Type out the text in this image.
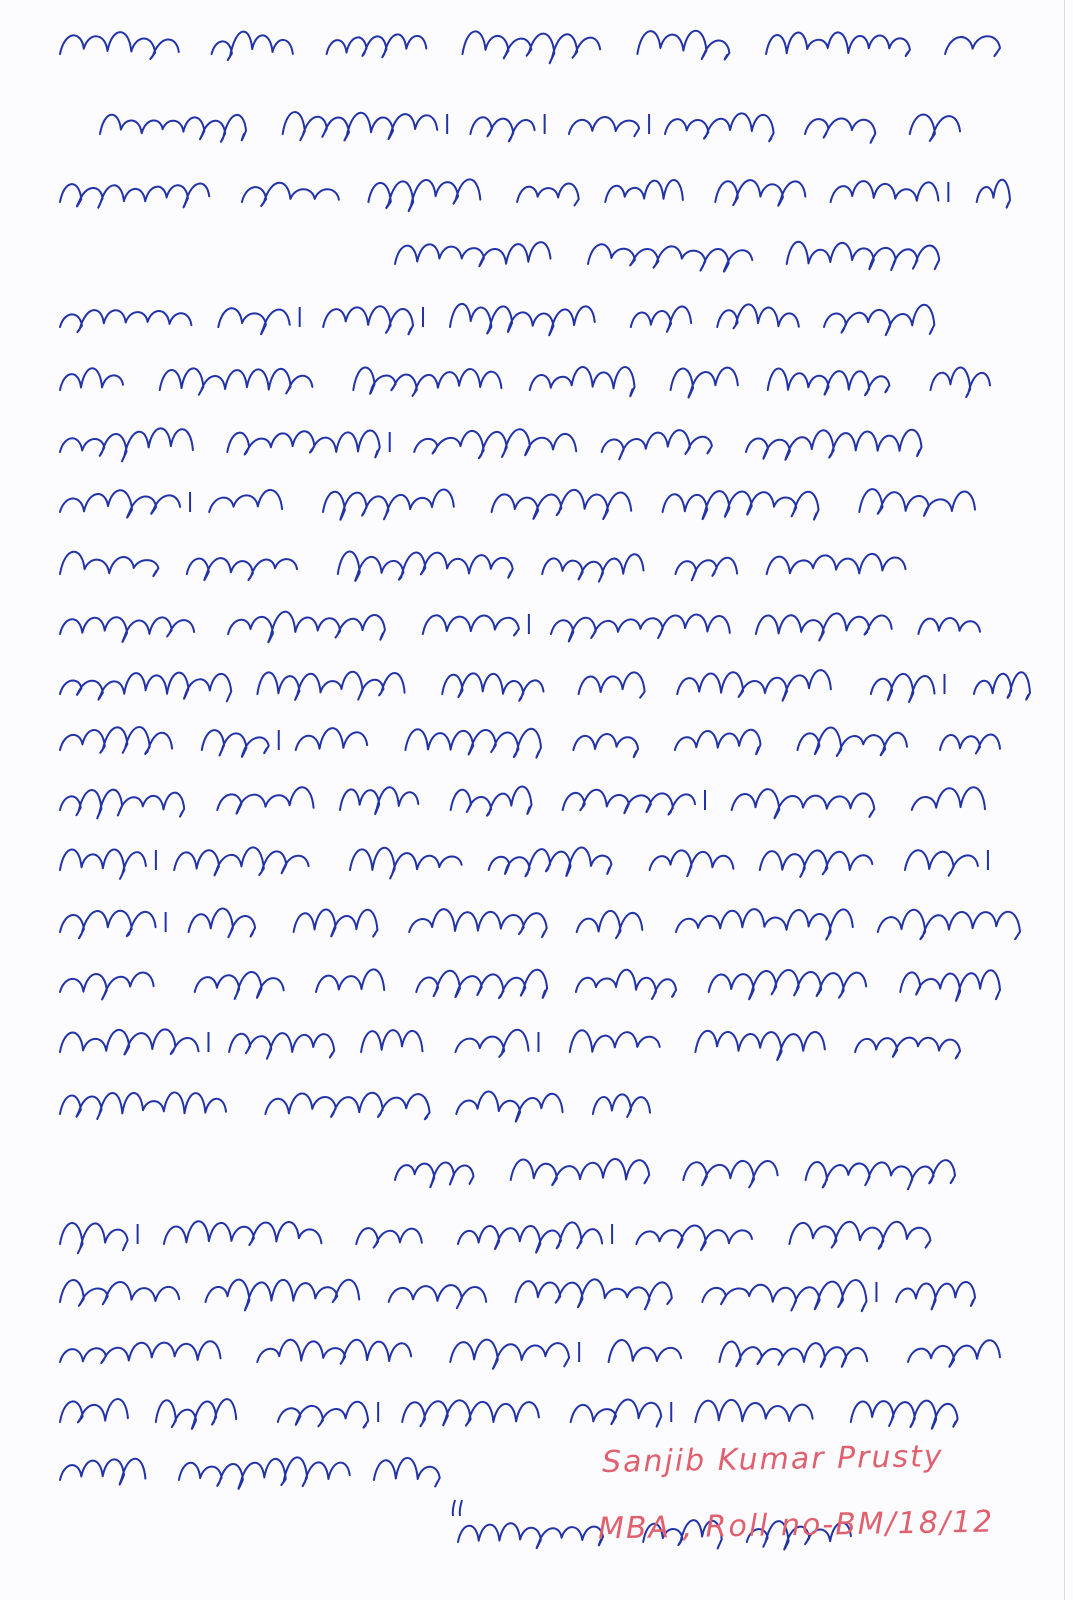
Sanjib Kumar Prusty
MBA , Roll no-BM/18/12
